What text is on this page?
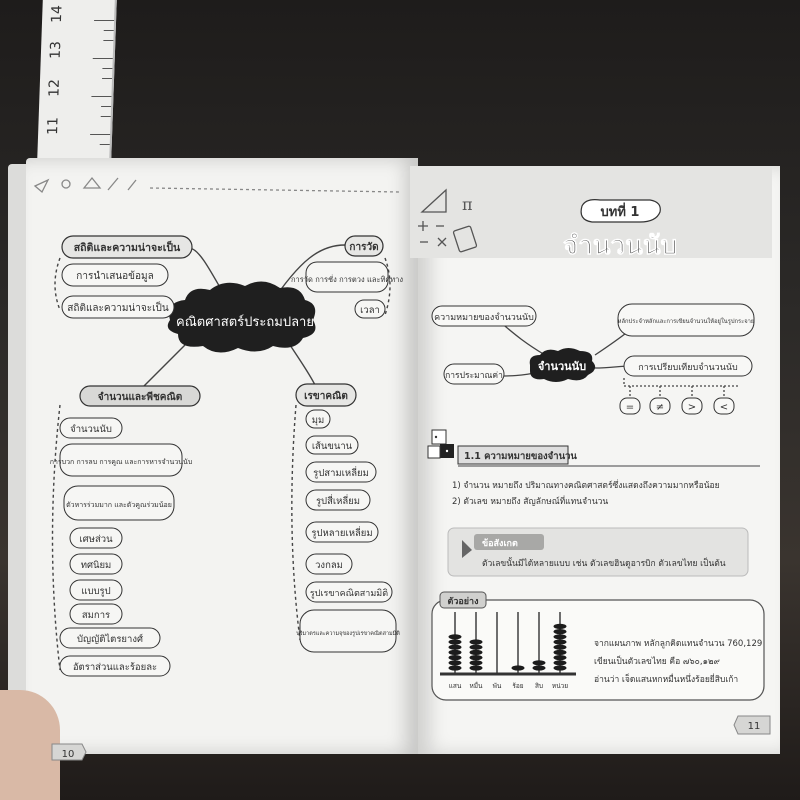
14
13
12
11
คณิตศาสตร์ประถมปลาย
สถิติและความน่าจะเป็น
การนำเสนอข้อมูล
สถิติและความน่าจะเป็น
การวัด
การวัด การชั่ง การตวง และทิศทาง
เวลา
จำนวนและพีชคณิต
จำนวนนับ
การบวก การลบ การคูณ และการหารจำนวนนับ
ตัวหารร่วมมาก และตัวคูณร่วมน้อย
เศษส่วน
ทศนิยม
แบบรูป
สมการ
บัญญัติไตรยางศ์
อัตราส่วนและร้อยละ
เรขาคณิต
มุม
เส้นขนาน
รูปสามเหลี่ยม
รูปสี่เหลี่ยม
รูปหลายเหลี่ยม
วงกลม
รูปเรขาคณิตสามมิติ
ปริมาตรและความจุของรูปเรขาคณิตสามมิติ
10
π	บทที่ 1
จำนวนนับ
จำนวนนับ
ความหมายของจำนวนนับ	หลักประจำหลักและการเขียนจำนวนให้อยู่ในรูปกระจาย
การประมาณค่า
การเปรียบเทียบจำนวนนับ
= ≠ > <
1.1 ความหมายของจำนวน
1) จำนวน หมายถึง ปริมาณทางคณิตศาสตร์ซึ่งแสดงถึงความมากหรือน้อย
2) ตัวเลข หมายถึง สัญลักษณ์ที่แทนจำนวน
ข้อสังเกต
ตัวเลขนั้นมีได้หลายแบบ เช่น ตัวเลขฮินดูอารบิก ตัวเลขไทย เป็นต้น
ตัวอย่าง
แสน หมื่น พัน ร้อย สิบ หน่วย
จากแผนภาพ หลักลูกคิดแทนจำนวน 760,129
เขียนเป็นตัวเลขไทย คือ ๗๖๐,๑๒๙
อ่านว่า เจ็ดแสนหกหมื่นหนึ่งร้อยยี่สิบเก้า
11
